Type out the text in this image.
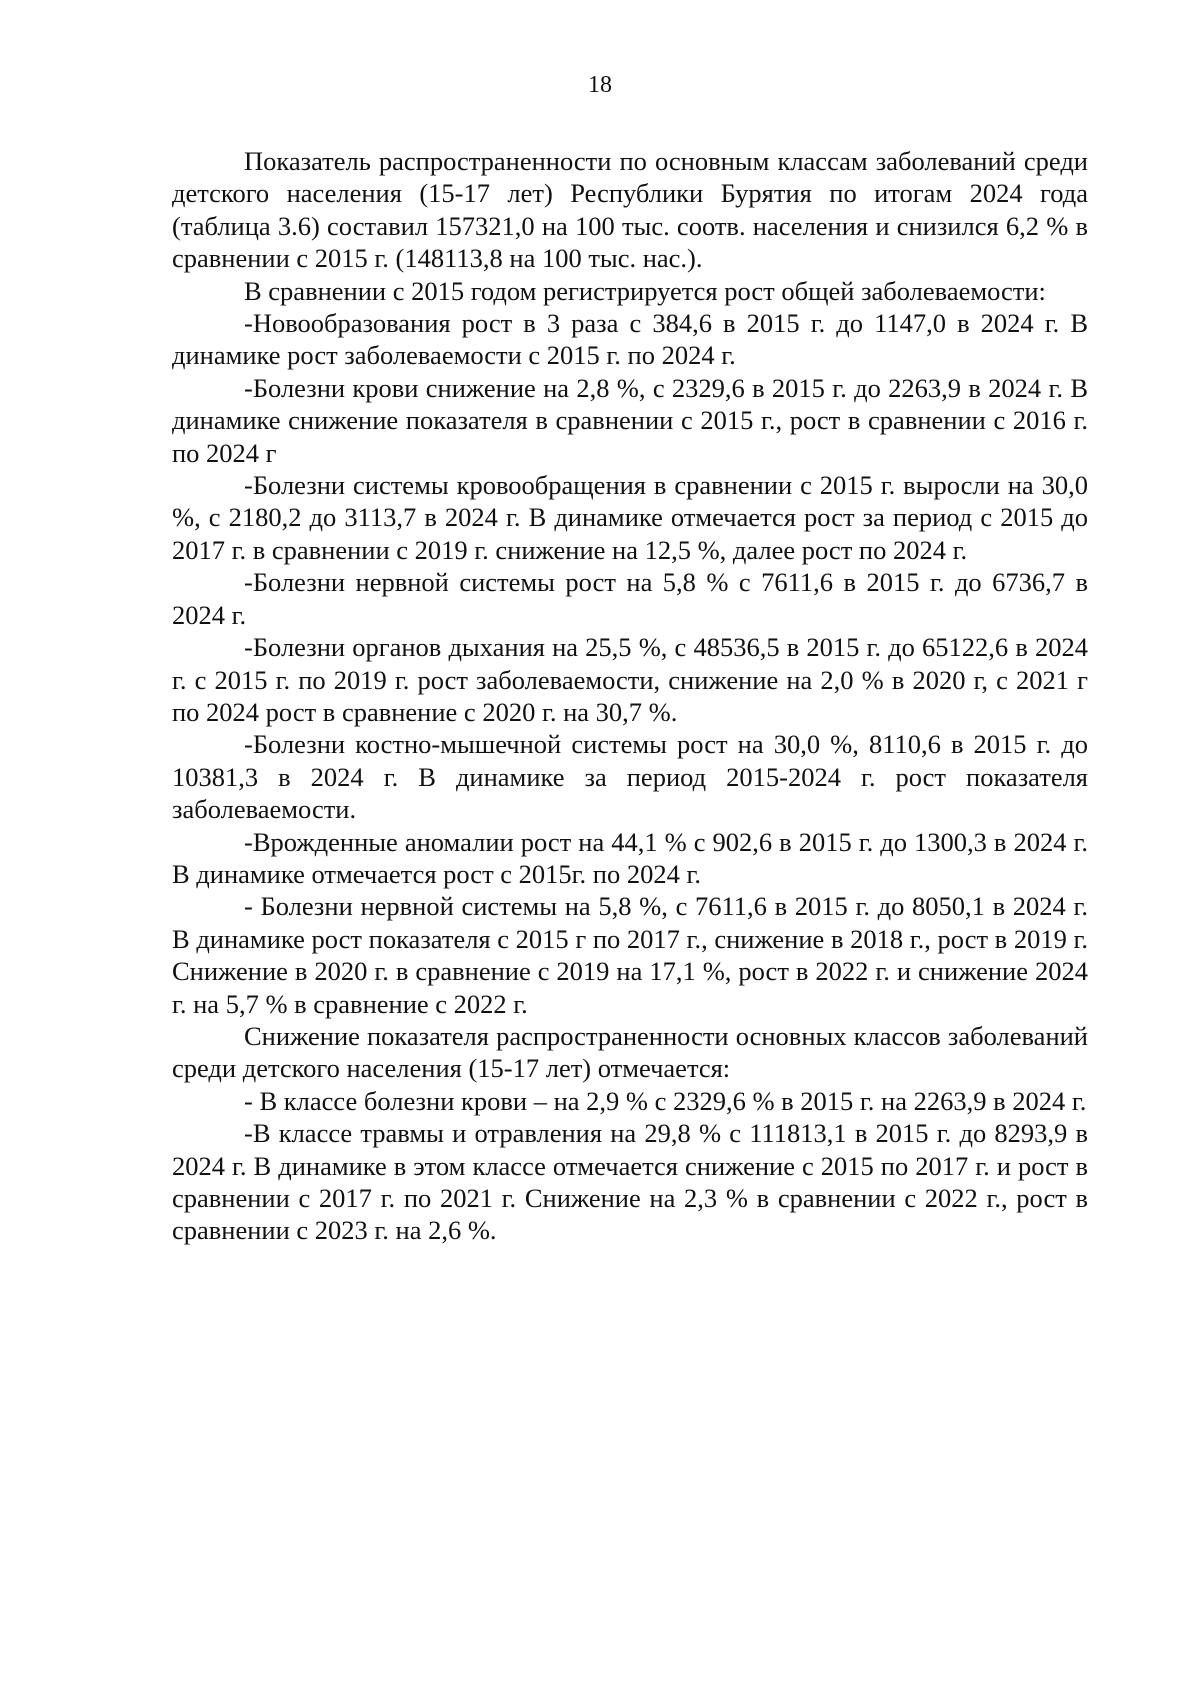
18

Показатель распространенности по основным классам заболеваний среди детского населения (15-17 лет) Республики Бурятия по итогам 2024 года (таблица 3.6) составил 157321,0 на 100 тыс. соотв. населения и снизился 6,2 % в сравнении с 2015 г. (148113,8 на 100 тыс. нас.).

В сравнении с 2015 годом регистрируется рост общей заболеваемости:

-Новообразования рост в 3 раза с 384,6 в 2015 г. до 1147,0 в 2024 г. В динамике рост заболеваемости с 2015 г. по 2024 г.

-Болезни крови снижение на 2,8 %, с 2329,6 в 2015 г. до 2263,9 в 2024 г. В динамике снижение показателя в сравнении с 2015 г., рост в сравнении с 2016 г. по 2024 г

-Болезни системы кровообращения в сравнении с 2015 г. выросли на 30,0 %, с 2180,2 до 3113,7 в 2024 г. В динамике отмечается рост за период с 2015 до 2017 г. в сравнении с 2019 г. снижение на 12,5 %, далее рост по 2024 г.

-Болезни нервной системы рост на 5,8 % с 7611,6 в 2015 г. до 6736,7 в 2024 г.

-Болезни органов дыхания на 25,5 %, с 48536,5 в 2015 г. до 65122,6 в 2024 г. с 2015 г. по 2019 г. рост заболеваемости, снижение на 2,0 % в 2020 г, с 2021 г по 2024 рост в сравнение с 2020 г. на 30,7 %.

-Болезни костно-мышечной системы рост на 30,0 %, 8110,6 в 2015 г. до 10381,3 в 2024 г. В динамике за период 2015-2024 г. рост показателя заболеваемости.

-Врожденные аномалии рост на 44,1 % с 902,6 в 2015 г. до 1300,3 в 2024 г. В динамике отмечается рост с 2015г. по 2024 г.

- Болезни нервной системы на 5,8 %, с 7611,6 в 2015 г. до 8050,1 в 2024 г. В динамике рост показателя с 2015 г по 2017 г., снижение в 2018 г., рост в 2019 г. Снижение в 2020 г. в сравнение с 2019 на 17,1 %, рост в 2022 г. и снижение 2024 г. на 5,7 % в сравнение с 2022 г.

Снижение показателя распространенности основных классов заболеваний среди детского населения (15-17 лет) отмечается:

- В классе болезни крови – на 2,9 % с 2329,6 % в 2015 г. на 2263,9 в 2024 г.

-В классе травмы и отравления на 29,8 % с 111813,1 в 2015 г. до 8293,9 в 2024 г. В динамике в этом классе отмечается снижение с 2015 по 2017 г. и рост в сравнении с 2017 г. по 2021 г. Снижение на 2,3 % в сравнении с 2022 г., рост в сравнении с 2023 г. на 2,6 %.
